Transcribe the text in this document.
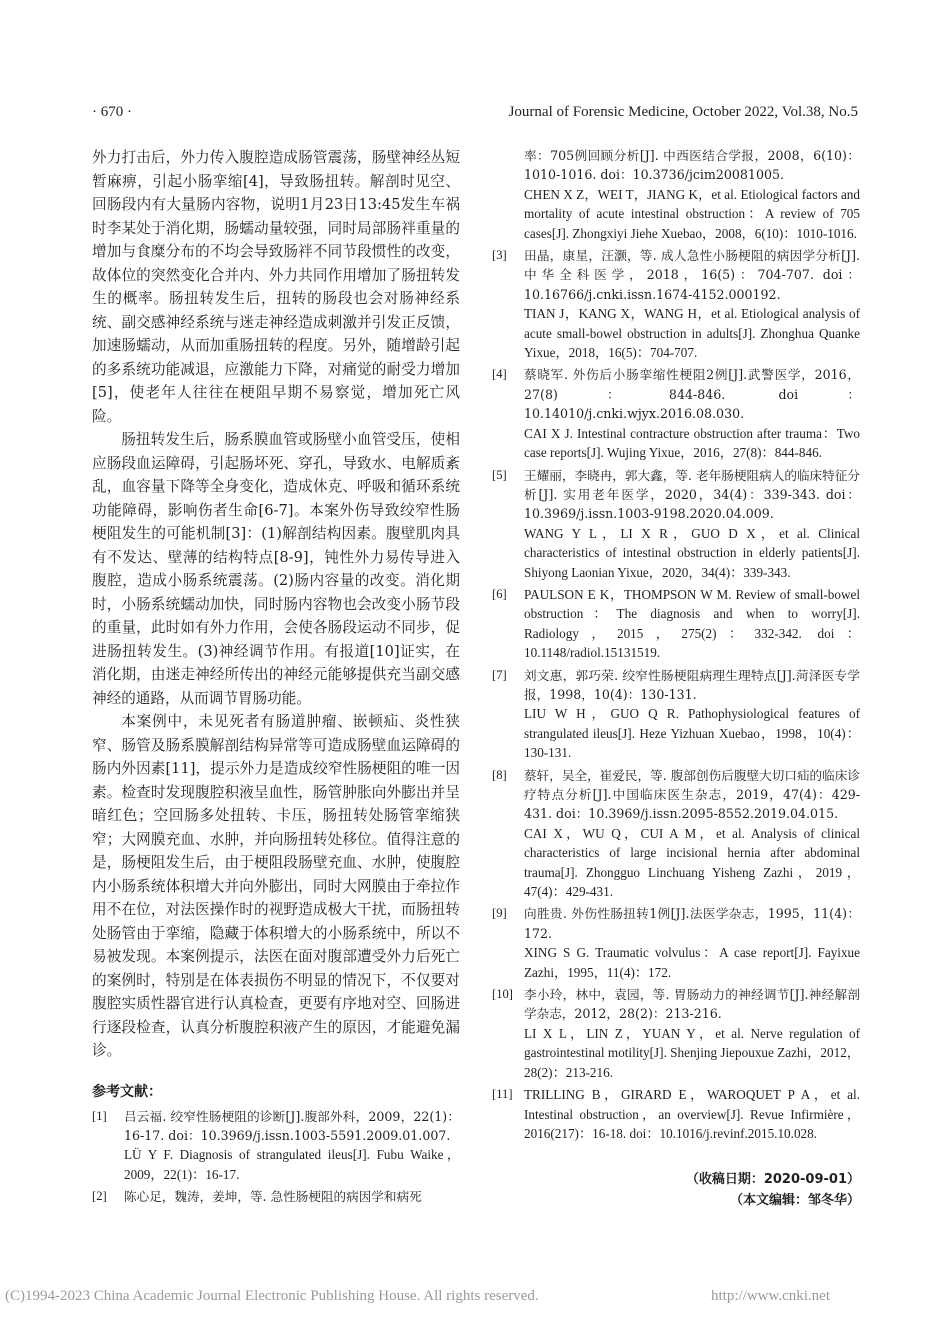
· 670 ·	Journal of Forensic Medicine, October 2022, Vol.38, No.5

外力打击后，外力传入腹腔造成肠管震荡，肠壁神经丛短暂麻痹，引起小肠挛缩[4]，导致肠扭转。解剖时见空、回肠段内有大量肠内容物，说明1月23日13:45发生车祸时李某处于消化期，肠蠕动量较强，同时局部肠袢重量的增加与食糜分布的不均会导致肠袢不同节段惯性的改变，故体位的突然变化合并内、外力共同作用增加了肠扭转发生的概率。肠扭转发生后，扭转的肠段也会对肠神经系统、副交感神经系统与迷走神经造成刺激并引发正反馈，加速肠蠕动，从而加重肠扭转的程度。另外，随增龄引起的多系统功能减退，应激能力下降，对痛觉的耐受力增加[5]，使老年人往往在梗阻早期不易察觉，增加死亡风险。

肠扭转发生后，肠系膜血管或肠壁小血管受压，使相应肠段血运障碍，引起肠坏死、穿孔，导致水、电解质紊乱，血容量下降等全身变化，造成休克、呼吸和循环系统功能障碍，影响伤者生命[6-7]。本案外伤导致绞窄性肠梗阻发生的可能机制[3]：(1)解剖结构因素。腹壁肌肉具有不发达、壁薄的结构特点[8-9]，钝性外力易传导进入腹腔，造成小肠系统震荡。(2)肠内容量的改变。消化期时，小肠系统蠕动加快，同时肠内容物也会改变小肠节段的重量，此时如有外力作用，会使各肠段运动不同步，促进肠扭转发生。(3)神经调节作用。有报道[10]证实，在消化期，由迷走神经所传出的神经元能够提供充当副交感神经的通路，从而调节胃肠功能。

本案例中，未见死者有肠道肿瘤、嵌顿疝、炎性狭窄、肠管及肠系膜解剖结构异常等可造成肠壁血运障碍的肠内外因素[11]，提示外力是造成绞窄性肠梗阻的唯一因素。检查时发现腹腔积液呈血性，肠管肿胀向外膨出并呈暗红色；空回肠多处扭转、卡压，肠扭转处肠管挛缩狭窄；大网膜充血、水肿，并向肠扭转处移位。值得注意的是，肠梗阻发生后，由于梗阻段肠壁充血、水肿，使腹腔内小肠系统体积增大并向外膨出，同时大网膜由于牵拉作用不在位，对法医操作时的视野造成极大干扰，而肠扭转处肠管由于挛缩，隐藏于体积增大的小肠系统中，所以不易被发现。本案例提示，法医在面对腹部遭受外力后死亡的案例时，特别是在体表损伤不明显的情况下，不仅要对腹腔实质性器官进行认真检查，更要有序地对空、回肠进行逐段检查，认真分析腹腔积液产生的原因，才能避免漏诊。

参考文献：
[1]	吕云福. 绞窄性肠梗阻的诊断[J].腹部外科，2009，22(1)：16-17. doi：10.3969/j.issn.1003-5591.2009.01.007.

LÜ Y F. Diagnosis of strangulated ileus[J]. Fubu Waike，2009，22(1)：16-17.

[2]	陈心足，魏涛，姜坤，等. 急性肠梗阻的病因学和病死

率：705例回顾分析[J]. 中西医结合学报，2008，6(10)：1010-1016. doi：10.3736/jcim20081005.

CHEN X Z，WEI T，JIANG K，et al. Etiological factors and mortality of acute intestinal obstruction：A review of 705 cases[J]. Zhongxiyi Jiehe Xuebao，2008，6(10)：1010-1016.

[3]	田晶，康星，汪灏，等. 成人急性小肠梗阻的病因学分析[J]. 中华全科医学，2018，16(5)：704-707. doi：10.16766/j.cnki.issn.1674-4152.000192.

TIAN J，KANG X，WANG H，et al. Etiological analysis of acute small-bowel obstruction in adults[J]. Zhonghua Quanke Yixue，2018，16(5)：704-707.

[4]	蔡晓军. 外伤后小肠挛缩性梗阻2例[J].武警医学，2016，27(8)：844-846. doi：10.14010/j.cnki.wjyx.2016.08.030.

CAI X J. Intestinal contracture obstruction after trauma：Two case reports[J]. Wujing Yixue，2016，27(8)：844-846.

[5]	王耀丽，李晓冉，郭大鑫，等. 老年肠梗阻病人的临床特征分析[J]. 实用老年医学，2020，34(4)：339-343. doi：10.3969/j.issn.1003-9198.2020.04.009.

WANG Y L，LI X R，GUO D X，et al. Clinical characteristics of intestinal obstruction in elderly patients[J]. Shiyong Laonian Yixue，2020，34(4)：339-343.

[6]	PAULSON E K，THOMPSON W M. Review of small-bowel obstruction：The diagnosis and when to worry[J]. Radiology，2015，275(2)：332-342. doi：10.1148/radiol.15131519.

[7]	刘文惠，郭巧荣. 绞窄性肠梗阻病理生理特点[J].菏泽医专学报，1998，10(4)：130-131.

LIU W H，GUO Q R. Pathophysiological features of strangulated ileus[J]. Heze Yizhuan Xuebao，1998，10(4)：130-131.

[8]	蔡轩，吴全，崔爱民，等. 腹部创伤后腹壁大切口疝的临床诊疗特点分析[J].中国临床医生杂志，2019，47(4)：429-431. doi：10.3969/j.issn.2095-8552.2019.04.015.

CAI X，WU Q，CUI A M，et al. Analysis of clinical characteristics of large incisional hernia after abdominal trauma[J]. Zhongguo Linchuang Yisheng Zazhi，2019，47(4)：429-431.

[9]	向胜贵. 外伤性肠扭转1例[J].法医学杂志，1995，11(4)：172.

XING S G. Traumatic volvulus：A case report[J]. Fayixue Zazhi，1995，11(4)：172.

[10] 李小玲，林中，袁园，等. 胃肠动力的神经调节[J].神经解剖学杂志，2012，28(2)：213-216.

LI X L，LIN Z，YUAN Y，et al. Nerve regulation of gastrointestinal motility[J]. Shenjing Jiepouxue Zazhi，2012，28(2)：213-216.

[11] TRILLING B，GIRARD E，WAROQUET P A，et al. Intestinal obstruction，an overview[J]. Revue Infirmière，2016(217)：16-18. doi：10.1016/j.revinf.2015.10.028.

（收稿日期：2020-09-01）
（本文编辑：邹冬华）
(C)1994-2023 China Academic Journal Electronic Publishing House. All rights reserved.	http://www.cnki.net
